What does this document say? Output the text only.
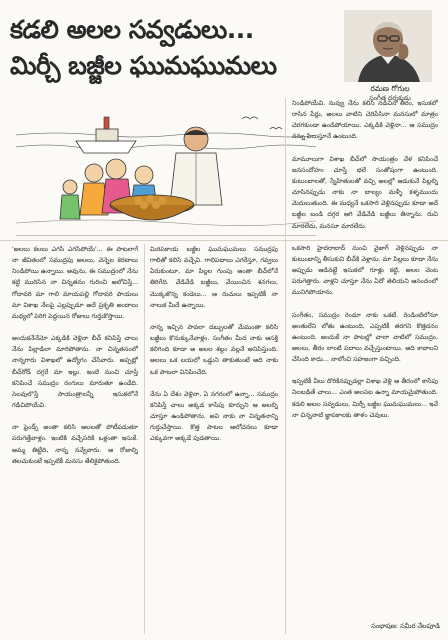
కడలి అలల సవ్వడులు...
మిర్చీ బజ్జీల ఘుమఘుమలు
రమణ గోగుల
సంగీత దర్శకుడు

'అలలు కలలు ఎగసి ఎగసిపోయే'... ఈ పాటలాగే నా జీవితంలో సముద్రపు అలలు, వెన్నెల కెరటాలు నిండిపోయి ఉన్నాయి. అవును, ఈ సముద్రంలో నేను కట్టి మురిసిన నా చిన్నతనం గురించి అలోచిస్తే... గోదావరి మా గాలి మాయపల్లి గోదావరి పాయలు మా విశాఖ నేలపై ఎల్లప్పుడూ అదే ప్రకృతి అందాలు మధ్యలో పెరిగి పెద్దయిన రోజులు గుర్తుకొస్తాయి.

అందుకనేనేమో ఎక్కడికి వెళ్లినా బీచ్ కనిపిస్తే చాలు నేను పిల్లాడిలా మారిపోతాను. నా చిన్నతనంలో నాన్నగారు విశాఖలో ఉద్యోగం చేసేవారు. అప్పట్లో బీచ్‌రోడ్ దగ్గరే మా ఇల్లు. ఇంటి నుంచి చూస్తే కనిపించే సముద్రం రంగులు మారుతూ ఉండేది. సెలవులొస్తే సాయంత్రాలన్నీ ఇసుకలోనే గడిచిపోయేవి.

నా ఫ్రెండ్స్ అంతా కలిసి అలలతో పోటీపడుతూ పరుగెత్తేవాళ్లం. ఇంటికి వచ్చేసరికి ఒళ్లంతా ఇసుకే. అమ్మ తిట్టేది, నాన్న నవ్వేవారు. ఆ రోజుల్ని తలచుకుంటే ఇప్పటికీ మనసు తేలికైపోతుంది.

మిరపకాయ బజ్జీల ఘుమఘుమలు సముద్రపు గాలితో కలిసి వచ్చేవి. గాలిపటాలు ఎగరేస్తూ, గవ్వలు ఏరుకుంటూ, మా పిల్లల గుంపు అంతా బీచ్‌లోనే తిరిగేది. వేడివేడి బజ్జీలు, వేయించిన శనగలు, మొక్కజొన్న కండెలు... ఆ రుచులు ఇప్పటికీ నా నాలుక మీదే ఉన్నాయి.

నాన్న ఇచ్చిన పావలా డబ్బులతో మేమంతా కలిసి బజ్జీలు కొనుక్కునేవాళ్లం. సంగీతం మీద నాకు ఆసక్తి కలిగింది కూడా ఆ అలల శబ్దం వల్లనే అనిపిస్తుంది. అలలు ఒక లయలో ఒడ్డుని తాకుతుంటే అది నాకు ఒక పాటలా వినిపించేది.

నేను ఏ దేశం వెళ్లినా, ఏ నగరంలో ఉన్నా... సముద్రం కనిపిస్తే చాలు అక్కడ కాసేపు కూర్చుని ఆ అలల్ని చూస్తూ ఉండిపోతాను. అవి నాకు నా చిన్నతనాన్ని గుర్తుచేస్తాయి. కొత్త పాటల ఆలోచనలు కూడా ఎక్కువగా అక్కడే పుడతాయి.

నిండిపోయేవి. నువ్వు నేను కలిసి నడిచిన తీరం, ఇసుకలో రాసిన పేర్లు, అలలు వాటిని చెరిపేసినా మనసులో మాత్రం చెరగకుండా ఉండిపోయాయి. ఎక్కడికి వెళ్లినా... ఆ సముద్రం నన్ను పిలుస్తూనే ఉంటుంది.

మామూలుగా విశాఖ బీచ్‌లో సాయంత్రం వేళ కనిపించే జనసందోహం చూస్తే భలే సంతోషంగా ఉంటుంది. కుటుంబాలతో, స్నేహితులతో వచ్చి అలల్లో ఆడుకునే పిల్లల్ని చూసినప్పుడు నాకు నా బాల్యం మళ్ళీ కళ్ళముందు మెదులుతుంది. ఈ మధ్యనే ఒకసారి వెళ్లినప్పుడు కూడా అదే బజ్జీల బండి దగ్గర ఆగి వేడివేడి బజ్జీలు తిన్నాను. రుచి మారలేదు, మనసూ మారలేదు.

ఒకసారి హైదరాబాద్ నుంచి వైజాగ్ వెళ్లినప్పుడు నా కుటుంబాన్ని తీసుకుని బీచ్‌కి వెళ్లాను. మా పిల్లలు కూడా నేను అప్పుడు ఆడినట్టే ఇసుకలో గూళ్లు కట్టి, అలల వెంట పరుగెత్తారు. వాళ్లని చూస్తూ నేను ఏదో తెలియని ఆనందంలో మునిగిపోయాను.

సంగీతం, సముద్రం రెండూ నాకు ఒకటే. రెండింటిలోనూ అంతులేని లోతు ఉంటుంది, ఎప్పటికీ తరగని కొత్తదనం ఉంటుంది. అందుకే నా పాటల్లో చాలా వాటిలో సముద్రం, అలలు, తీరం లాంటి పదాలు వచ్చేస్తుంటాయి. అది కావాలని చేసింది కాదు... నాలోంచి సహజంగా వచ్చింది.

ఇప్పటికీ వీలు దొరికినప్పుడల్లా విశాఖ వెళ్లి ఆ తీరంలో కాసేపు నిలబడితే చాలు... ఎంత అలసట ఉన్నా మాయమైపోతుంది. కడలి అలల సవ్వడులు, మిర్చీ బజ్జీల ఘుమఘుమలు... ఇవే నా చిన్ననాటి జ్ఞాపకాలకు తాళం చెవులు.

సంభాషణ: సమీర నేలపూడి
